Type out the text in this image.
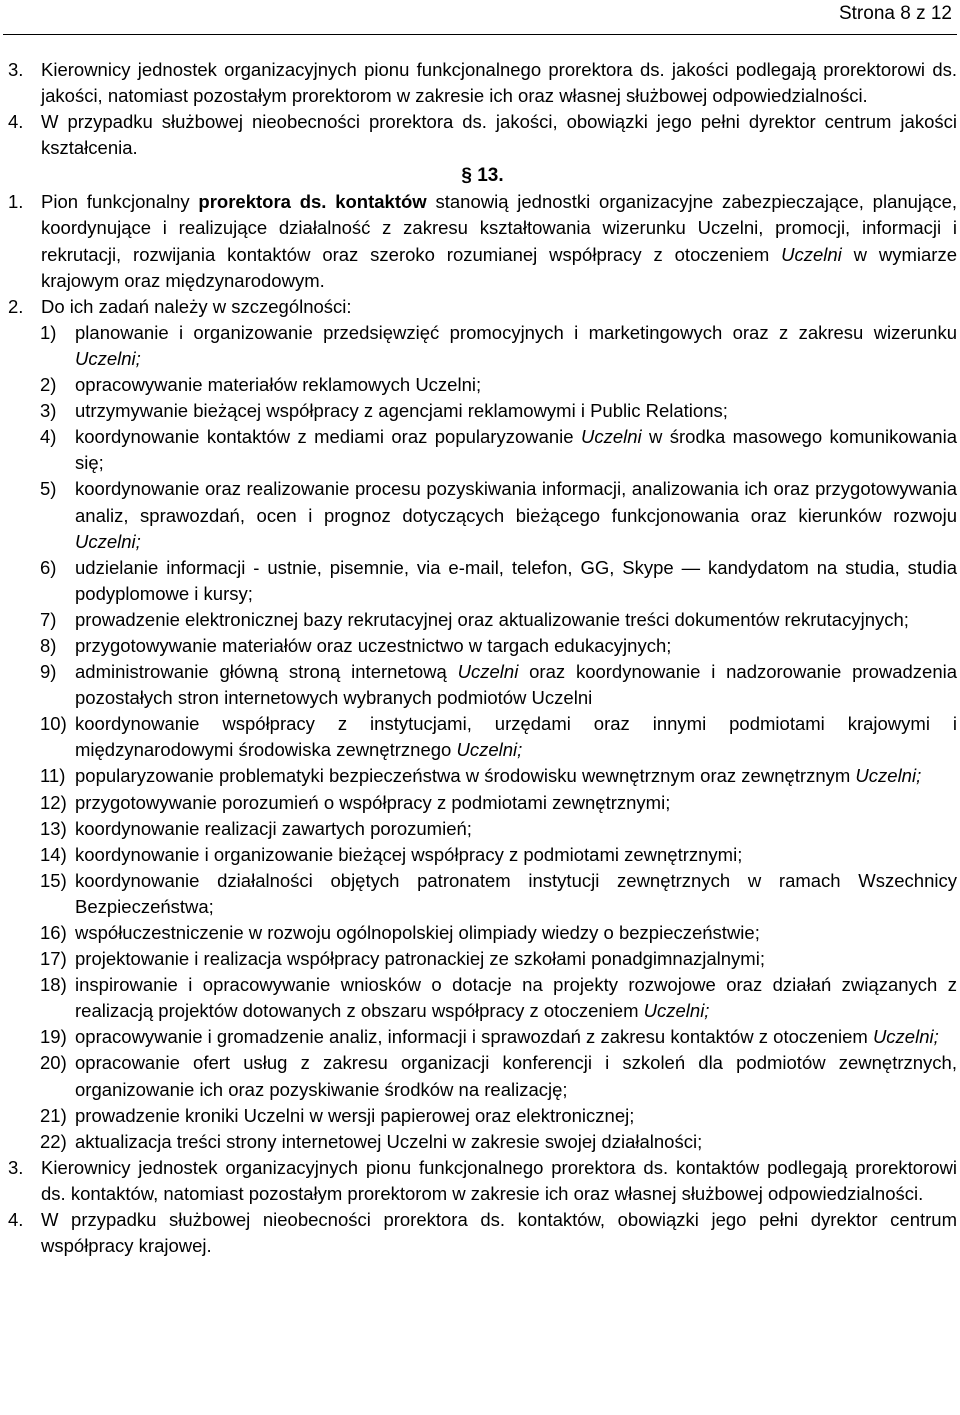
Strona 8 z 12
3. Kierownicy jednostek organizacyjnych pionu funkcjonalnego prorektora ds. jakości podlegają prorektorowi ds. jakości, natomiast pozostałym prorektorom w zakresie ich oraz własnej służbowej odpowiedzialności.
4. W przypadku służbowej nieobecności prorektora ds. jakości, obowiązki jego pełni dyrektor centrum jakości kształcenia.
§ 13.
1. Pion funkcjonalny prorektora ds. kontaktów stanowią jednostki organizacyjne zabezpieczające, planujące, koordynujące i realizujące działalność z zakresu kształtowania wizerunku Uczelni, promocji, informacji i rekrutacji, rozwijania kontaktów oraz szeroko rozumianej współpracy z otoczeniem Uczelni w wymiarze krajowym oraz międzynarodowym.
2. Do ich zadań należy w szczególności:
1) planowanie i organizowanie przedsięwzięć promocyjnych i marketingowych oraz z zakresu wizerunku Uczelni;
2) opracowywanie materiałów reklamowych Uczelni;
3) utrzymywanie bieżącej współpracy z agencjami reklamowymi i Public Relations;
4) koordynowanie kontaktów z mediami oraz popularyzowanie Uczelni w środka masowego komunikowania się;
5) koordynowanie oraz realizowanie procesu pozyskiwania informacji, analizowania ich oraz przygotowywania analiz, sprawozdań, ocen i prognoz dotyczących bieżącego funkcjonowania oraz kierunków rozwoju Uczelni;
6) udzielanie informacji - ustnie, pisemnie, via e-mail, telefon, GG, Skype — kandydatom na studia, studia podyplomowe i kursy;
7) prowadzenie elektronicznej bazy rekrutacyjnej oraz aktualizowanie treści dokumentów rekrutacyjnych;
8) przygotowywanie materiałów oraz uczestnictwo w targach edukacyjnych;
9) administrowanie główną stroną internetową Uczelni oraz koordynowanie i nadzorowanie prowadzenia pozostałych stron internetowych wybranych podmiotów Uczelni
10) koordynowanie współpracy z instytucjami, urzędami oraz innymi podmiotami krajowymi i międzynarodowymi środowiska zewnętrznego Uczelni;
11) popularyzowanie problematyki bezpieczeństwa w środowisku wewnętrznym oraz zewnętrznym Uczelni;
12) przygotowywanie porozumień o współpracy z podmiotami zewnętrznymi;
13) koordynowanie realizacji zawartych porozumień;
14) koordynowanie i organizowanie bieżącej współpracy z podmiotami zewnętrznymi;
15) koordynowanie działalności objętych patronatem instytucji zewnętrznych w ramach Wszechnicy Bezpieczeństwa;
16) współuczestniczenie w rozwoju ogólnopolskiej olimpiady wiedzy o bezpieczeństwie;
17) projektowanie i realizacja współpracy patronackiej ze szkołami ponadgimnazjalnymi;
18) inspirowanie i opracowywanie wniosków o dotacje na projekty rozwojowe oraz działań związanych z realizacją projektów dotowanych z obszaru współpracy z otoczeniem Uczelni;
19) opracowywanie i gromadzenie analiz, informacji i sprawozdań z zakresu kontaktów z otoczeniem Uczelni;
20) opracowanie ofert usług z zakresu organizacji konferencji i szkoleń dla podmiotów zewnętrznych, organizowanie ich oraz pozyskiwanie środków na realizację;
21) prowadzenie kroniki Uczelni w wersji papierowej oraz elektronicznej;
22) aktualizacja treści strony internetowej Uczelni w zakresie swojej działalności;
3. Kierownicy jednostek organizacyjnych pionu funkcjonalnego prorektora ds. kontaktów podlegają prorektorowi ds. kontaktów, natomiast pozostałym prorektorom w zakresie ich oraz własnej służbowej odpowiedzialności.
4. W przypadku służbowej nieobecności prorektora ds. kontaktów, obowiązki jego pełni dyrektor centrum współpracy krajowej.
